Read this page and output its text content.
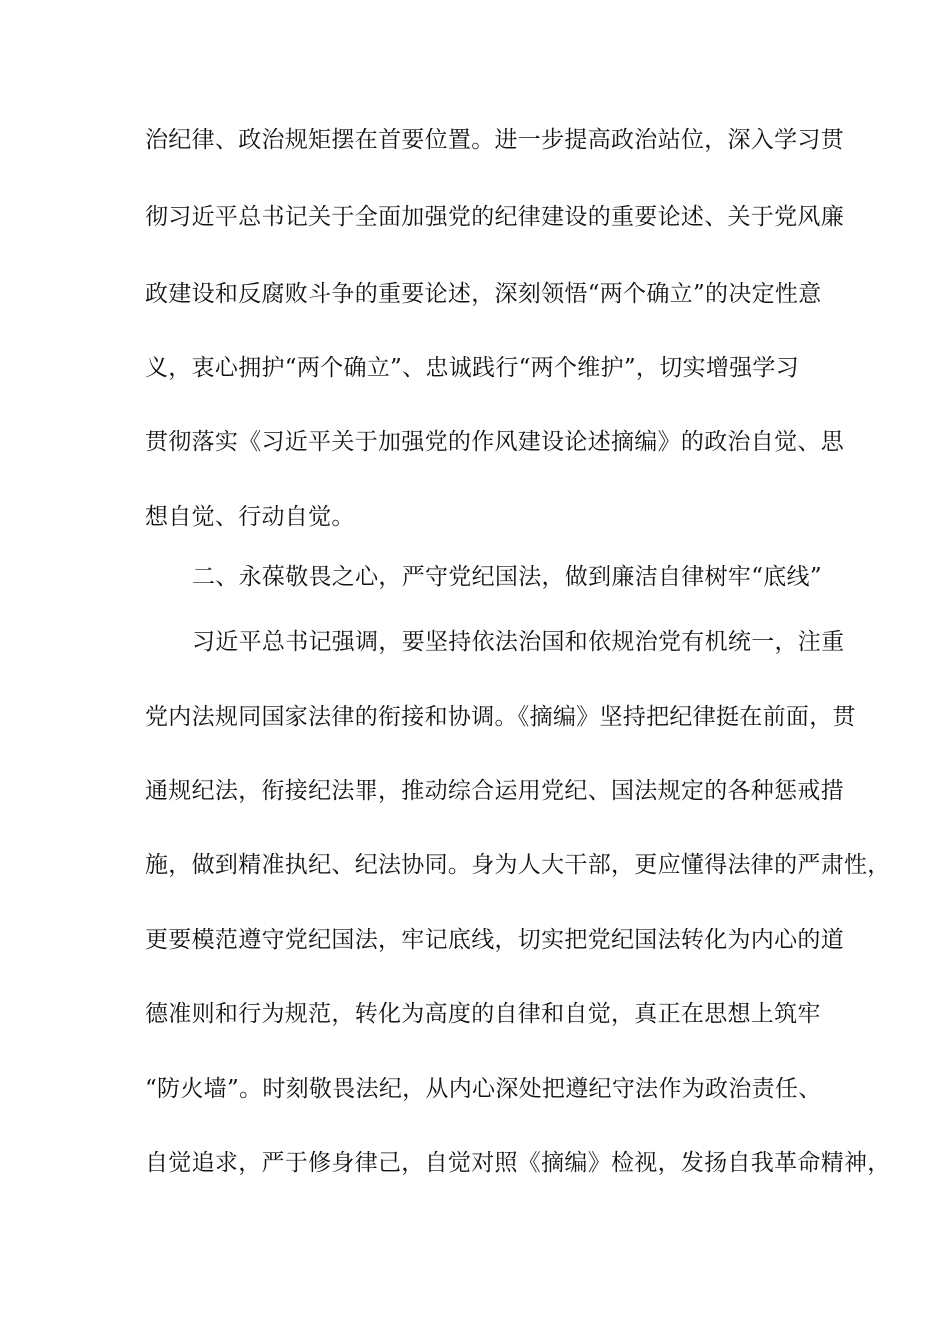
治纪律、政治规矩摆在首要位置。进一步提高政治站位，深入学习贯
彻习近平总书记关于全面加强党的纪律建设的重要论述、关于党风廉
政建设和反腐败斗争的重要论述，深刻领悟“两个确立”的决定性意
义，衷心拥护“两个确立”、忠诚践行“两个维护”，切实增强学习
贯彻落实《习近平关于加强党的作风建设论述摘编》的政治自觉、思
想自觉、行动自觉。
二、永葆敬畏之心，严守党纪国法，做到廉洁自律树牢“底线”
习近平总书记强调，要坚持依法治国和依规治党有机统一，注重
党内法规同国家法律的衔接和协调。《摘编》坚持把纪律挺在前面，贯
通规纪法，衔接纪法罪，推动综合运用党纪、国法规定的各种惩戒措
施，做到精准执纪、纪法协同。身为人大干部，更应懂得法律的严肃性，
更要模范遵守党纪国法，牢记底线，切实把党纪国法转化为内心的道
德准则和行为规范，转化为高度的自律和自觉，真正在思想上筑牢
“防火墙”。时刻敬畏法纪，从内心深处把遵纪守法作为政治责任、
自觉追求，严于修身律己，自觉对照《摘编》检视，发扬自我革命精神，
